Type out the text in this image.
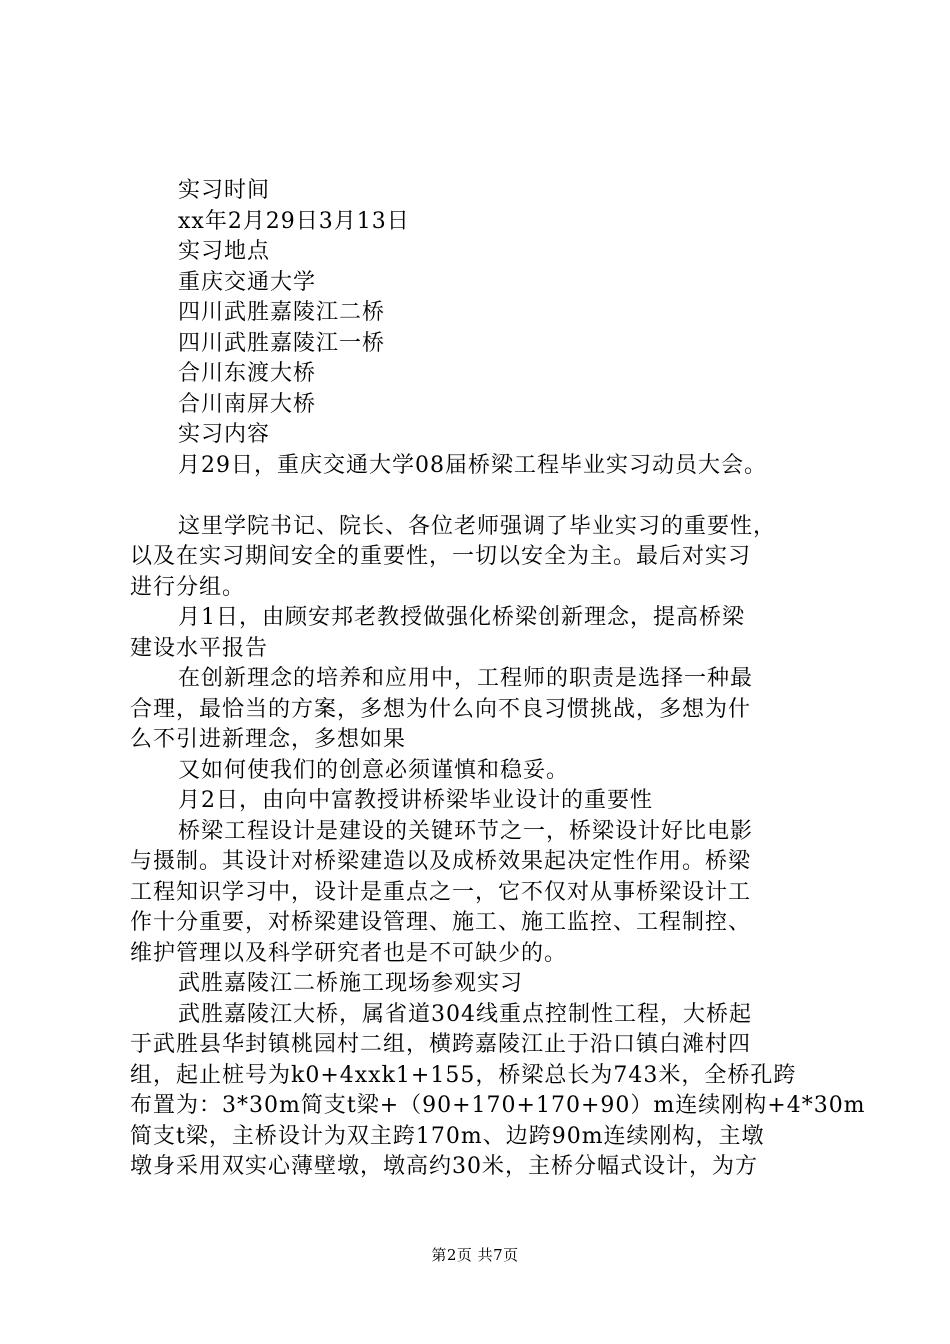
实习时间
xx年2月29日3月13日
实习地点
重庆交通大学
四川武胜嘉陵江二桥
四川武胜嘉陵江一桥
合川东渡大桥
合川南屏大桥
实习内容
月29日，重庆交通大学08届桥梁工程毕业实习动员大会。
这里学院书记、院长、各位老师强调了毕业实习的重要性，
以及在实习期间安全的重要性，一切以安全为主。最后对实习
进行分组。
月1日，由顾安邦老教授做强化桥梁创新理念，提高桥梁
建设水平报告
在创新理念的培养和应用中，工程师的职责是选择一种最
合理，最恰当的方案，多想为什么向不良习惯挑战，多想为什
么不引进新理念，多想如果
又如何使我们的创意必须谨慎和稳妥。
月2日，由向中富教授讲桥梁毕业设计的重要性
桥梁工程设计是建设的关键环节之一，桥梁设计好比电影
与摄制。其设计对桥梁建造以及成桥效果起决定性作用。桥梁
工程知识学习中，设计是重点之一，它不仅对从事桥梁设计工
作十分重要，对桥梁建设管理、施工、施工监控、工程制控、
维护管理以及科学研究者也是不可缺少的。
武胜嘉陵江二桥施工现场参观实习
武胜嘉陵江大桥，属省道304线重点控制性工程，大桥起
于武胜县华封镇桃园村二组，横跨嘉陵江止于沿口镇白滩村四
组，起止桩号为k0+4xxk1+155，桥梁总长为743米，全桥孔跨
布置为：3*30m简支t梁+（90+170+170+90）m连续刚构+4*30m
简支t梁，主桥设计为双主跨170m、边跨90m连续刚构，主墩
墩身采用双实心薄壁墩，墩高约30米，主桥分幅式设计，为方
第2页 共7页
